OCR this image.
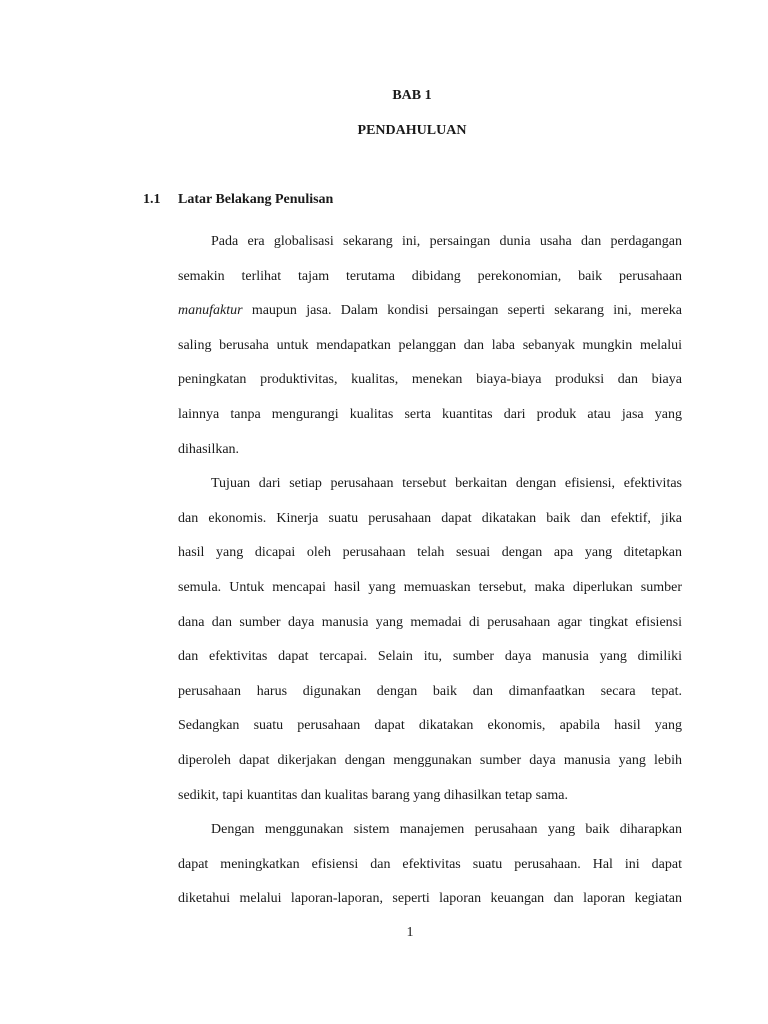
BAB 1

PENDAHULUAN

1.1 Latar Belakang Penulisan

Pada era globalisasi sekarang ini, persaingan dunia usaha dan perdagangan
semakin terlihat tajam terutama dibidang perekonomian, baik perusahaan
manufaktur maupun jasa. Dalam kondisi persaingan seperti sekarang ini, mereka
saling berusaha untuk mendapatkan pelanggan dan laba sebanyak mungkin melalui
peningkatan produktivitas, kualitas, menekan biaya-biaya produksi dan biaya
lainnya tanpa mengurangi kualitas serta kuantitas dari produk atau jasa yang
dihasilkan.
Tujuan dari setiap perusahaan tersebut berkaitan dengan efisiensi, efektivitas
dan ekonomis. Kinerja suatu perusahaan dapat dikatakan baik dan efektif, jika
hasil yang dicapai oleh perusahaan telah sesuai dengan apa yang ditetapkan
semula. Untuk mencapai hasil yang memuaskan tersebut, maka diperlukan sumber
dana dan sumber daya manusia yang memadai di perusahaan agar tingkat efisiensi
dan efektivitas dapat tercapai. Selain itu, sumber daya manusia yang dimiliki
perusahaan harus digunakan dengan baik dan dimanfaatkan secara tepat.
Sedangkan suatu perusahaan dapat dikatakan ekonomis, apabila hasil yang
diperoleh dapat dikerjakan dengan menggunakan sumber daya manusia yang lebih
sedikit, tapi kuantitas dan kualitas barang yang dihasilkan tetap sama.
Dengan menggunakan sistem manajemen perusahaan yang baik diharapkan
dapat meningkatkan efisiensi dan efektivitas suatu perusahaan. Hal ini dapat
diketahui melalui laporan-laporan, seperti laporan keuangan dan laporan kegiatan

1
